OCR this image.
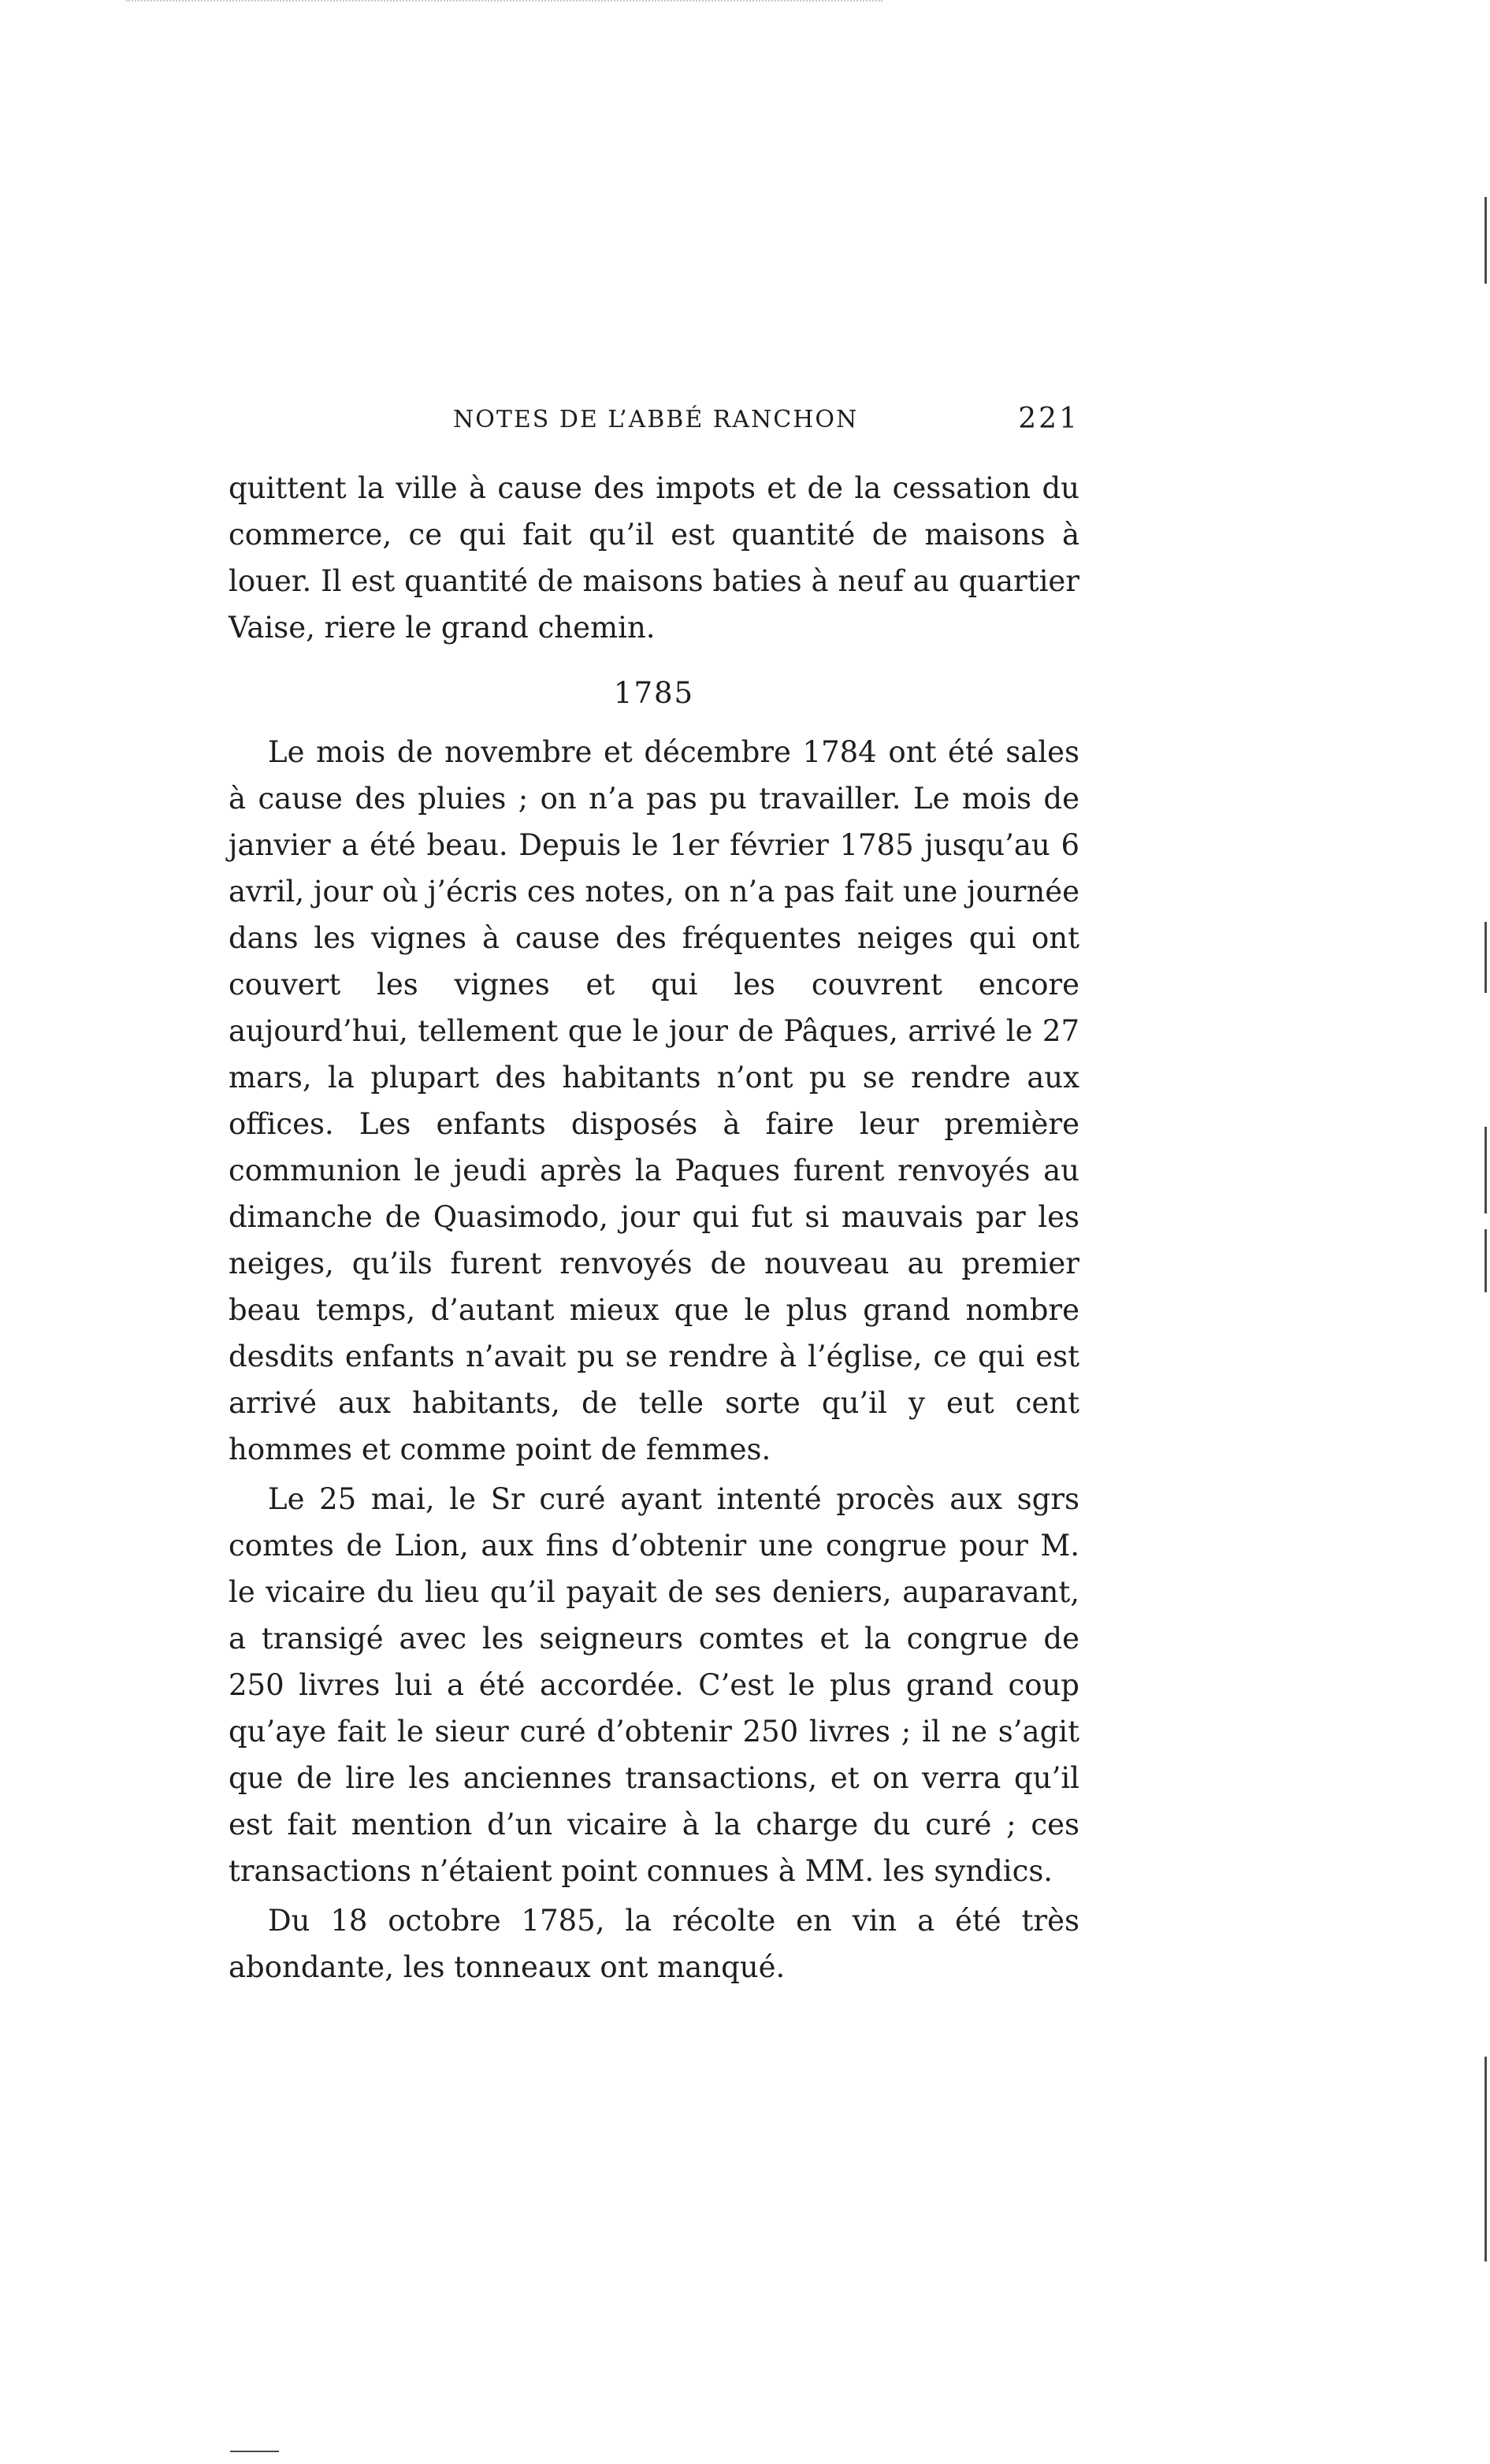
NOTES DE L’ABBÉ RANCHON	221

quittent la ville à cause des impots et de la cessation du commerce, ce qui fait qu’il est quantité de maisons à louer. Il est quantité de maisons baties à neuf au quartier Vaise, riere le grand chemin.

1785

Le mois de novembre et décembre 1784 ont été sales à cause des pluies ; on n’a pas pu travailler. Le mois de janvier a été beau. Depuis le 1er février 1785 jusqu’au 6 avril, jour où j’écris ces notes, on n’a pas fait une journée dans les vignes à cause des fréquentes neiges qui ont couvert les vignes et qui les couvrent encore aujourd’hui, tellement que le jour de Pâques, arrivé le 27 mars, la plupart des habitants n’ont pu se rendre aux offices. Les enfants disposés à faire leur première communion le jeudi après la Paques furent renvoyés au dimanche de Quasimodo, jour qui fut si mauvais par les neiges, qu’ils furent renvoyés de nouveau au premier beau temps, d’autant mieux que le plus grand nombre desdits enfants n’avait pu se rendre à l’église, ce qui est arrivé aux habitants, de telle sorte qu’il y eut cent hommes et comme point de femmes.

Le 25 mai, le Sr curé ayant intenté procès aux sgrs comtes de Lion, aux fins d’obtenir une congrue pour M. le vicaire du lieu qu’il payait de ses deniers, auparavant, a transigé avec les seigneurs comtes et la congrue de 250 livres lui a été accordée. C’est le plus grand coup qu’aye fait le sieur curé d’obtenir 250 livres ; il ne s’agit que de lire les anciennes transactions, et on verra qu’il est fait mention d’un vicaire à la charge du curé ; ces transactions n’étaient point connues à MM. les syndics.

Du 18 octobre 1785, la récolte en vin a été très abondante, les tonneaux ont manqué.
